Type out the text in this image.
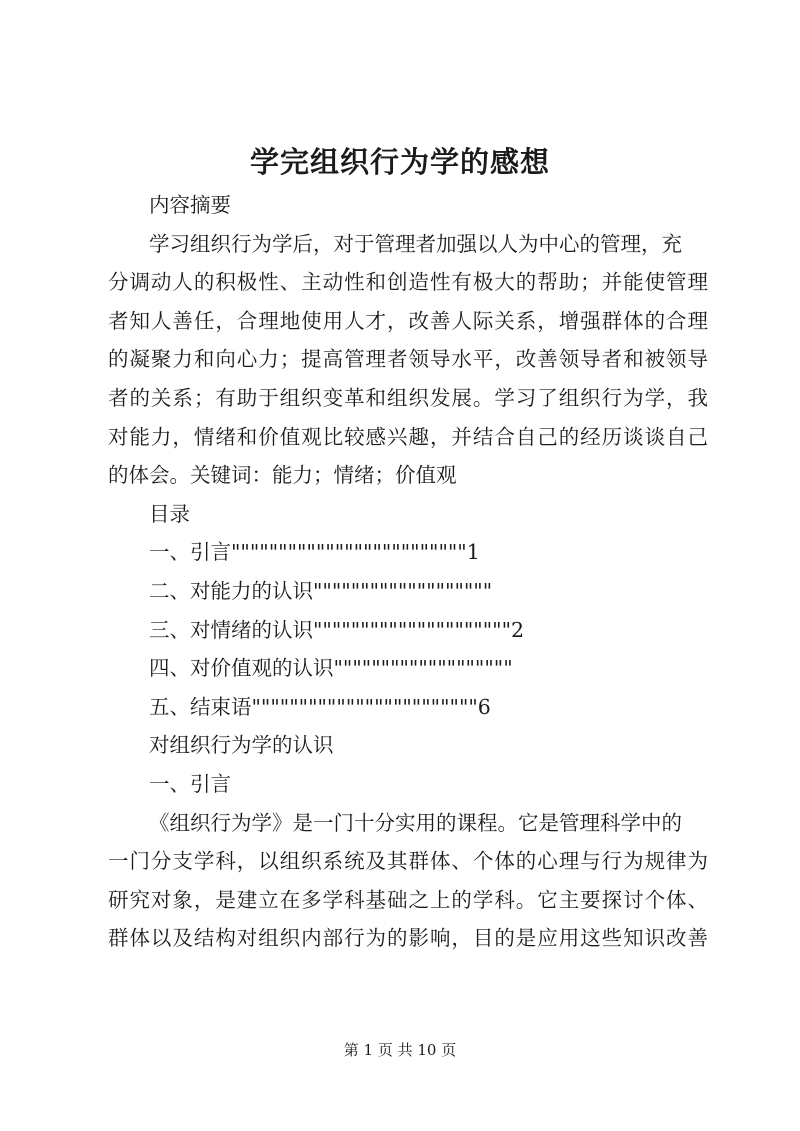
学完组织行为学的感想
内容摘要
学习组织行为学后，对于管理者加强以人为中心的管理，充
分调动人的积极性、主动性和创造性有极大的帮助；并能使管理
者知人善任，合理地使用人才，改善人际关系，增强群体的合理
的凝聚力和向心力；提高管理者领导水平，改善领导者和被领导
者的关系；有助于组织变革和组织发展。学习了组织行为学，我
对能力，情绪和价值观比较感兴趣，并结合自己的经历谈谈自己
的体会。关键词：能力；情绪；价值观
目录
一、引言"""""""""""""""""""""""""1
二、对能力的认识"""""""""""""""""""
三、对情绪的认识"""""""""""""""""""""2
四、对价值观的认识"""""""""""""""""""
五、结束语""""""""""""""""""""""""6
对组织行为学的认识
一、引言
《组织行为学》是一门十分实用的课程。它是管理科学中的
一门分支学科，以组织系统及其群体、个体的心理与行为规律为
研究对象，是建立在多学科基础之上的学科。它主要探讨个体、
群体以及结构对组织内部行为的影响，目的是应用这些知识改善
第 1 页 共 10 页
